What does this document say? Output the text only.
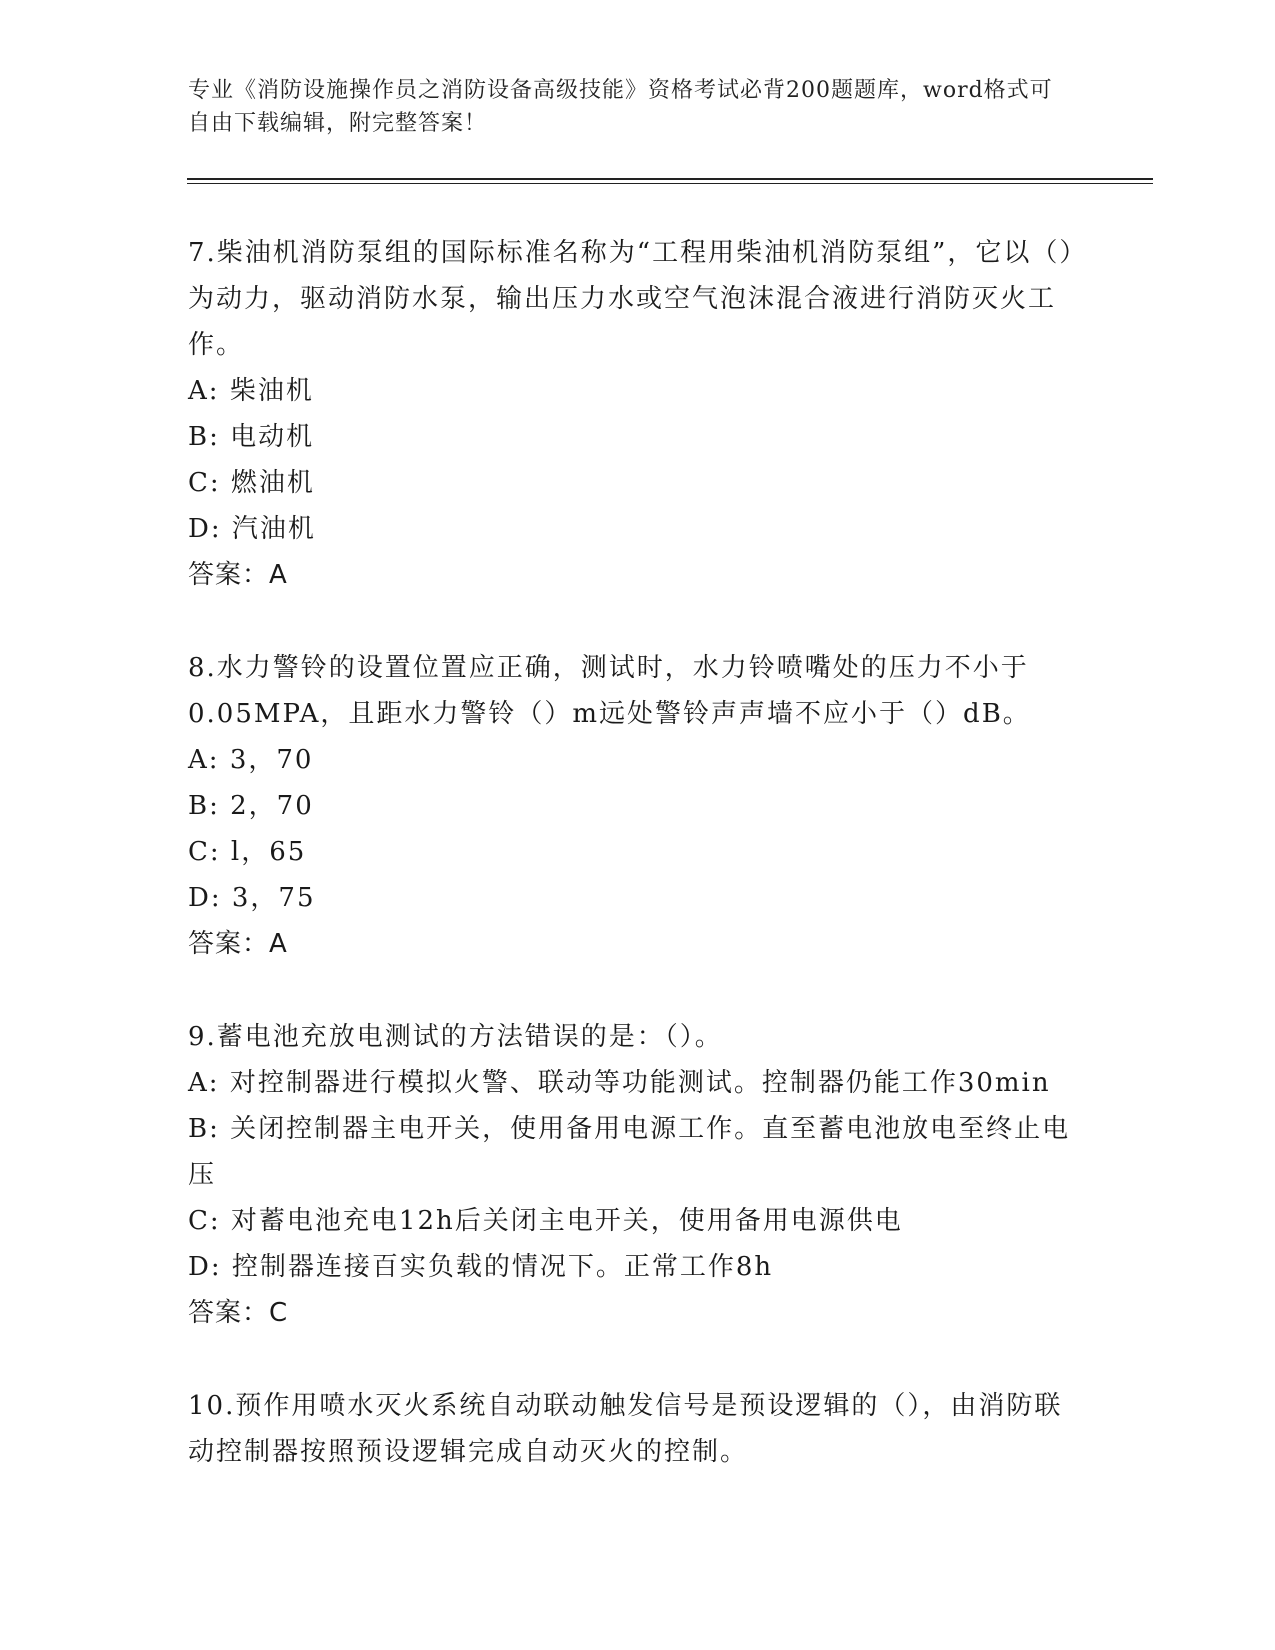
专业《消防设施操作员之消防设备高级技能》资格考试必背200题题库，word格式可自由下载编辑，附完整答案！
7.柴油机消防泵组的国际标准名称为“工程用柴油机消防泵组”，它以（）为动力，驱动消防水泵，输出压力水或空气泡沫混合液进行消防灭火工作。
A: 柴油机
B: 电动机
C: 燃油机
D: 汽油机
答案：A
8.水力警铃的设置位置应正确，测试时，水力铃喷嘴处的压力不小于0.05MPA，且距水力警铃（）m远处警铃声声墙不应小于（）dB。
A: 3，70
B: 2，70
C: l，65
D: 3，75
答案：A
9.蓄电池充放电测试的方法错误的是：（）。
A: 对控制器进行模拟火警、联动等功能测试。控制器仍能工作30min
B: 关闭控制器主电开关，使用备用电源工作。直至蓄电池放电至终止电压
C: 对蓄电池充电12h后关闭主电开关，使用备用电源供电
D: 控制器连接百实负载的情况下。正常工作8h
答案：C
10.预作用喷水灭火系统自动联动触发信号是预设逻辑的（），由消防联动控制器按照预设逻辑完成自动灭火的控制。
